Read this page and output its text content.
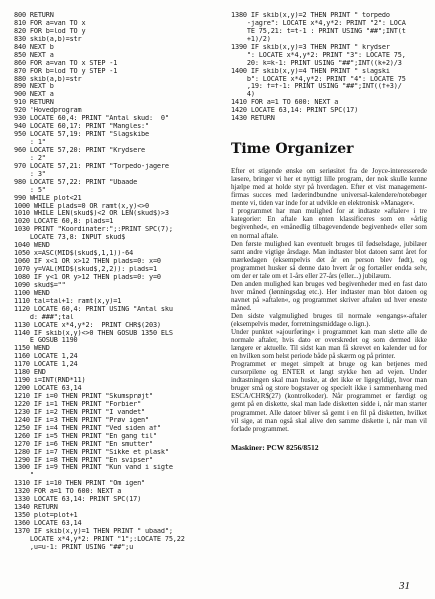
800 RETURN
810 FOR a=van TO x
820 FOR b=lod TO y
830 skib(a,b)=str
840 NEXT b
850 NEXT a
860 FOR a=van TO x STEP -1
870 FOR b=lod TO y STEP -1
880 skib(a,b)=str
890 NEXT b
900 NEXT a
910 RETURN
920 'Hovedprogram
930 LOCATE 60,4: PRINT "Antal skud:  0"
940 LOCATE 60,17: PRINT "Mangles:"
950 LOCATE 57,19: PRINT "Slagskibe
: 1"
960 LOCATE 57,20: PRINT "Krydsere
: 2"
970 LOCATE 57,21: PRINT "Torpedo-jagere
: 3"
980 LOCATE 57,22: PRINT "Ubaade
: 5"
990 WHILE plot<21
1000 WHILE plads=0 OR ramt(x,y)<>0
1010 WHILE LEN(skud$)<2 OR LEN(skud$)>3
1020 LOCATE 60,8: plads=1
1030 PRINT "Koordinater:";:PRINT SPC(7);
LOCATE 73,8: INPUT skud$
1040 WEND
1050 x=ASC(MID$(skud$,1,1))-64
1060 IF x<1 OR x>12 THEN plads=0: x=0
1070 y=VAL(MID$(skud$,2,2)): plads=1
1080 IF y<1 OR y>12 THEN plads=0: y=0
1090 skud$=""
1100 WEND
1110 tal=tal+1: ramt(x,y)=1
1120 LOCATE 60,4: PRINT USING "Antal sku
d: ###";tal
1130 LOCATE x*4,y*2:  PRINT CHR$(203)
1140 IF skib(x,y)<>0 THEN GOSUB 1350 ELS
E GOSUB 1190
1150 WEND
1160 LOCATE 1,24
1170 LOCATE 1,24
1180 END
1190 i=INT(RND*11)
1200 LOCATE 63,14
1210 IF i=0 THEN PRINT "Skumsprøjt"
1220 IF i=1 THEN PRINT "Forbier"
1230 IF i=2 THEN PRINT "I vandet"
1240 IF i=3 THEN PRINT "Prøv igen"
1250 IF i=4 THEN PRINT "Ved siden af"
1260 IF i=5 THEN PRINT "En gang til"
1270 IF i=6 THEN PRINT "En smutter"
1280 IF i=7 THEN PRINT "Sikke et plask"
1290 IF i=8 THEN PRINT "En svipser"
1300 IF i=9 THEN PRINT "Kun vand i sigte
"
1310 IF i=10 THEN PRINT "Om igen"
1320 FOR a=1 TO 600: NEXT a
1330 LOCATE 63,14: PRINT SPC(17)
1340 RETURN
1350 plot=plot+1
1360 LOCATE 63,14
1370 IF skib(x,y)=1 THEN PRINT " ubaad";
LOCATE x*4,y*2: PRINT "1";:LOCATE 75,22
,u=u-1: PRINT USING "##";u
1380 IF skib(x,y)=2 THEN PRINT " torpedo
-jagre": LOCATE x*4,y*2: PRINT "2": LOCA
TE 75,21: t=t-1 : PRINT USING "##";INT(t
+1)/2)
1390 IF skib(x,y)=3 THEN PRINT " krydser
": LOCATE x*4,y*2: PRINT "3": LOCATE 75,
20: k=k-1: PRINT USING "##";INT((k+2)/3
1400 IF skib(x,y)=4 THEN PRINT " slagski
b": LOCATE x*4,y*2: PRINT "4": LOCATE 75
,19: f=f-1: PRINT USING "##";INT((f+3)/
4)
1410 FOR a=1 TO 600: NEXT a
1420 LOCATE 63,14: PRINT SPC(17)
1430 RETURN
Time Organizer

Efter et stigende ønske om seriøsitet fra de Joyce-interesserede læsere, bringer vi her et nyttigt lille program, der nok skulle kunne hjælpe med at holde styr på hverdagen. Efter et vist management-firmas succes med læderindbundne universal-kalendere/notebøger mente vi, tiden var inde for at udvikle en elektronisk »Manager«.

I programmet har man mulighed for at indtaste »aftaler« i tre kategorier: En aftale kan enten klassificeres som en »årlig begivenhed«, en »månedlig tilbagevendende begivenhed« eller som en normal aftale.

Den første mulighed kan eventuelt bruges til fødselsdage, jubilæer samt andre vigtige årsdage. Man indtaster blot datoen samt året for mærkedagen (eksempelvis det år en person blev født), og programmet husker så denne dato hvert år og fortæller endda selv, om der er tale om et 1-års eller 27-års (eller...) jubilæum.

Den anden mulighed kan bruges ved begivenheder med en fast dato hver måned (lønningsdag etc.). Her indtaster man blot datoen og navnet på »aftalen«, og programmet skriver aftalen ud hver eneste måned.

Den sidste valgmulighed bruges til normale »engangs«-aftaler (eksempelvis møder, forretningsmiddage o.lign.).

Under punktet »ajourføring« i programmet kan man slette alle de normale aftaler, hvis dato er overskredet og som dermed ikke længere er aktuelle. Til sidst kan man få skrevet en kalender ud for en hvilken som helst periode både på skærm og på printer.

Programmet er meget simpelt at bruge og kan betjenes med cursorpilene og ENTER et langt stykke hen ad vejen. Under indtastningen skal man huske, at det ikke er ligegyldigt, hvor man bruger små og store bogstaver og specielt ikke i sammenhæng med ESCA/CHR$(27) (kontrolkoder). Når programmet er færdigt og gemt på en diskette, skal man lade disketten sidde i, når man starter programmet. Alle datoer bliver så gemt i en fil på disketten, hvilket vil sige, at man også skal alive den samme diskette i, når man vil forlade programmet.

Maskiner: PCW 8256/8512
31
